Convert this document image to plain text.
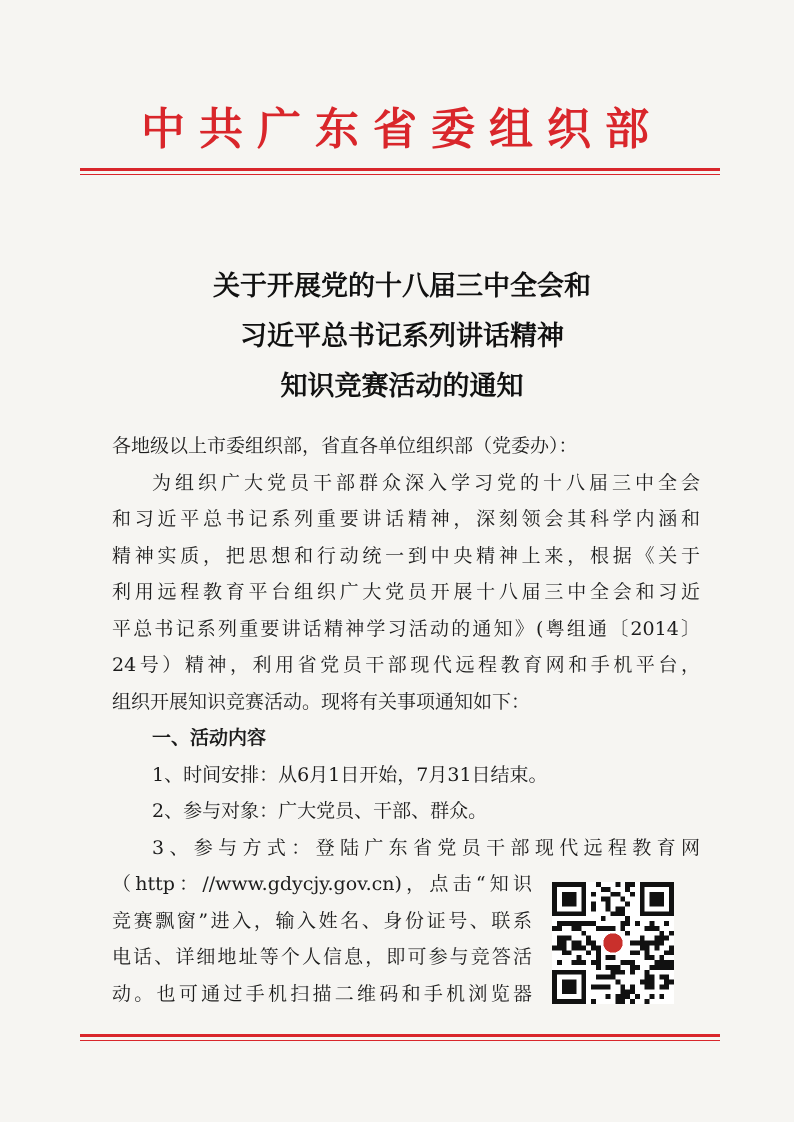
中共广东省委组织部
关于开展党的十八届三中全会和
习近平总书记系列讲话精神
知识竞赛活动的通知
各地级以上市委组织部，省直各单位组织部（党委办）：
为组织广大党员干部群众深入学习党的十八届三中全会
和习近平总书记系列重要讲话精神，深刻领会其科学内涵和
精神实质，把思想和行动统一到中央精神上来，根据《关于
利用远程教育平台组织广大党员开展十八届三中全会和习近
平总书记系列重要讲话精神学习活动的通知》(粤组通〔2014〕
24号）精神，利用省党员干部现代远程教育网和手机平台，
组织开展知识竞赛活动。现将有关事项通知如下：
一、活动内容
1、时间安排：从6月1日开始，7月31日结束。
2、参与对象：广大党员、干部、群众。
3、参与方式：登陆广东省党员干部现代远程教育网
（http：//www.gdycjy.gov.cn)，点击“知识
竞赛飘窗”进入，输入姓名、身份证号、联系
电话、详细地址等个人信息，即可参与竞答活
动。也可通过手机扫描二维码和手机浏览器
